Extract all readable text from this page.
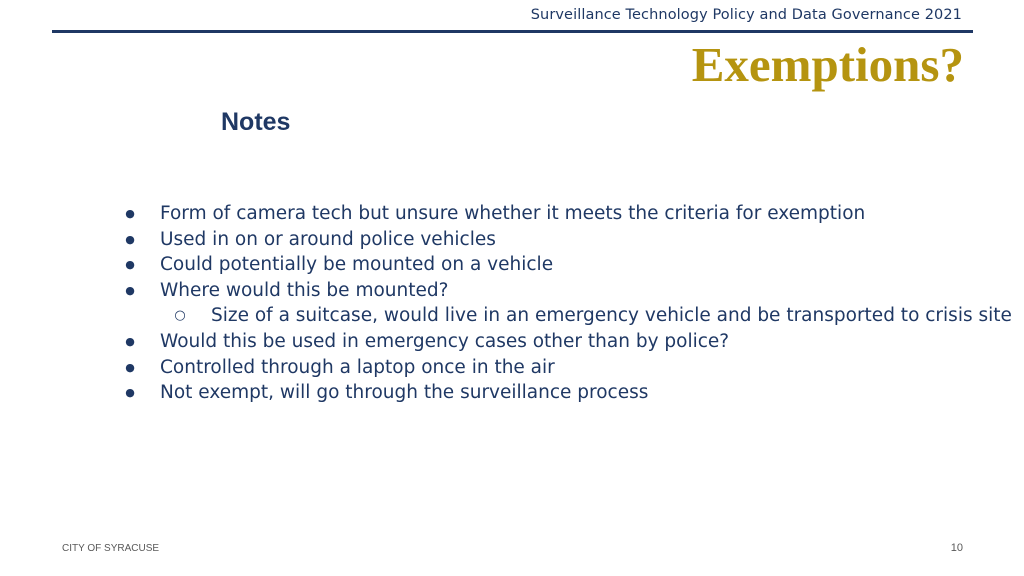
Surveillance Technology Policy and Data Governance 2021
Exemptions?
Notes
● Form of camera tech but unsure whether it meets the criteria for exemption
● Used in on or around police vehicles
● Could potentially be mounted on a vehicle
● Where would this be mounted?
○ Size of a suitcase, would live in an emergency vehicle and be transported to crisis site
● Would this be used in emergency cases other than by police?
● Controlled through a laptop once in the air
● Not exempt, will go through the surveillance process
CITY OF SYRACUSE	10
